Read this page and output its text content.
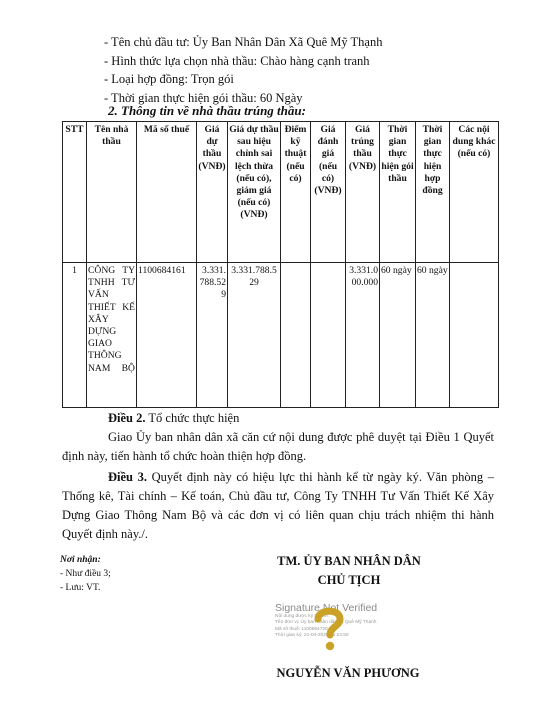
- Tên chủ đầu tư: Ủy Ban Nhân Dân Xã Quê Mỹ Thạnh
- Hình thức lựa chọn nhà thầu: Chào hàng cạnh tranh
- Loại hợp đồng: Trọn gói
- Thời gian thực hiện gói thầu: 60 Ngày
2. Thông tin về nhà thầu trúng thầu:
STT	Tên nhà thầu	Mã số thuế	Giá dự thầu (VNĐ)	Giá dự thầu sau hiệu chỉnh sai lệch thừa (nếu có), giảm giá (nếu có) (VNĐ)	Điểm kỹ thuật (nếu có)	Giá đánh giá (nếu có) (VNĐ)	Giá trúng thầu (VNĐ)	Thời gian thực hiện gói thầu	Thời gian thực hiện hợp đồng	Các nội dung khác (nếu có)
1	CÔNG TY TNHH TƯ VẤN THIẾT KẾ XÂY DỰNG GIAO THÔNG NAM BỘ	1100684161	3.331.788.529	3.331.788.529			3.331.000.000	60 ngày	60 ngày	
Điều 2. Tổ chức thực hiện
Giao Ủy ban nhân dân xã căn cứ nội dung được phê duyệt tại Điều 1 Quyết định này, tiến hành tổ chức hoàn thiện hợp đồng.
Điều 3. Quyết định này có hiệu lực thi hành kể từ ngày ký. Văn phòng – Thống kê, Tài chính – Kế toán, Chủ đầu tư, Công Ty TNHH Tư Vấn Thiết Kế Xây Dựng Giao Thông Nam Bộ và các đơn vị có liên quan chịu trách nhiệm thi hành Quyết định này./.
Nơi nhận:
- Như điều 3;
- Lưu: VT.
TM. ỦY BAN NHÂN DÂN
CHỦ TỊCH
Signature Not Verified
Nội dung được ký số bởi:
Tên đơn vị: Ủy ban nhân dân xã Quê Mỹ Thạnh
Mã số thuế: 1100684720
Thời gian ký: 21-04-2025 15:24:50
NGUYỄN VĂN PHƯƠNG
